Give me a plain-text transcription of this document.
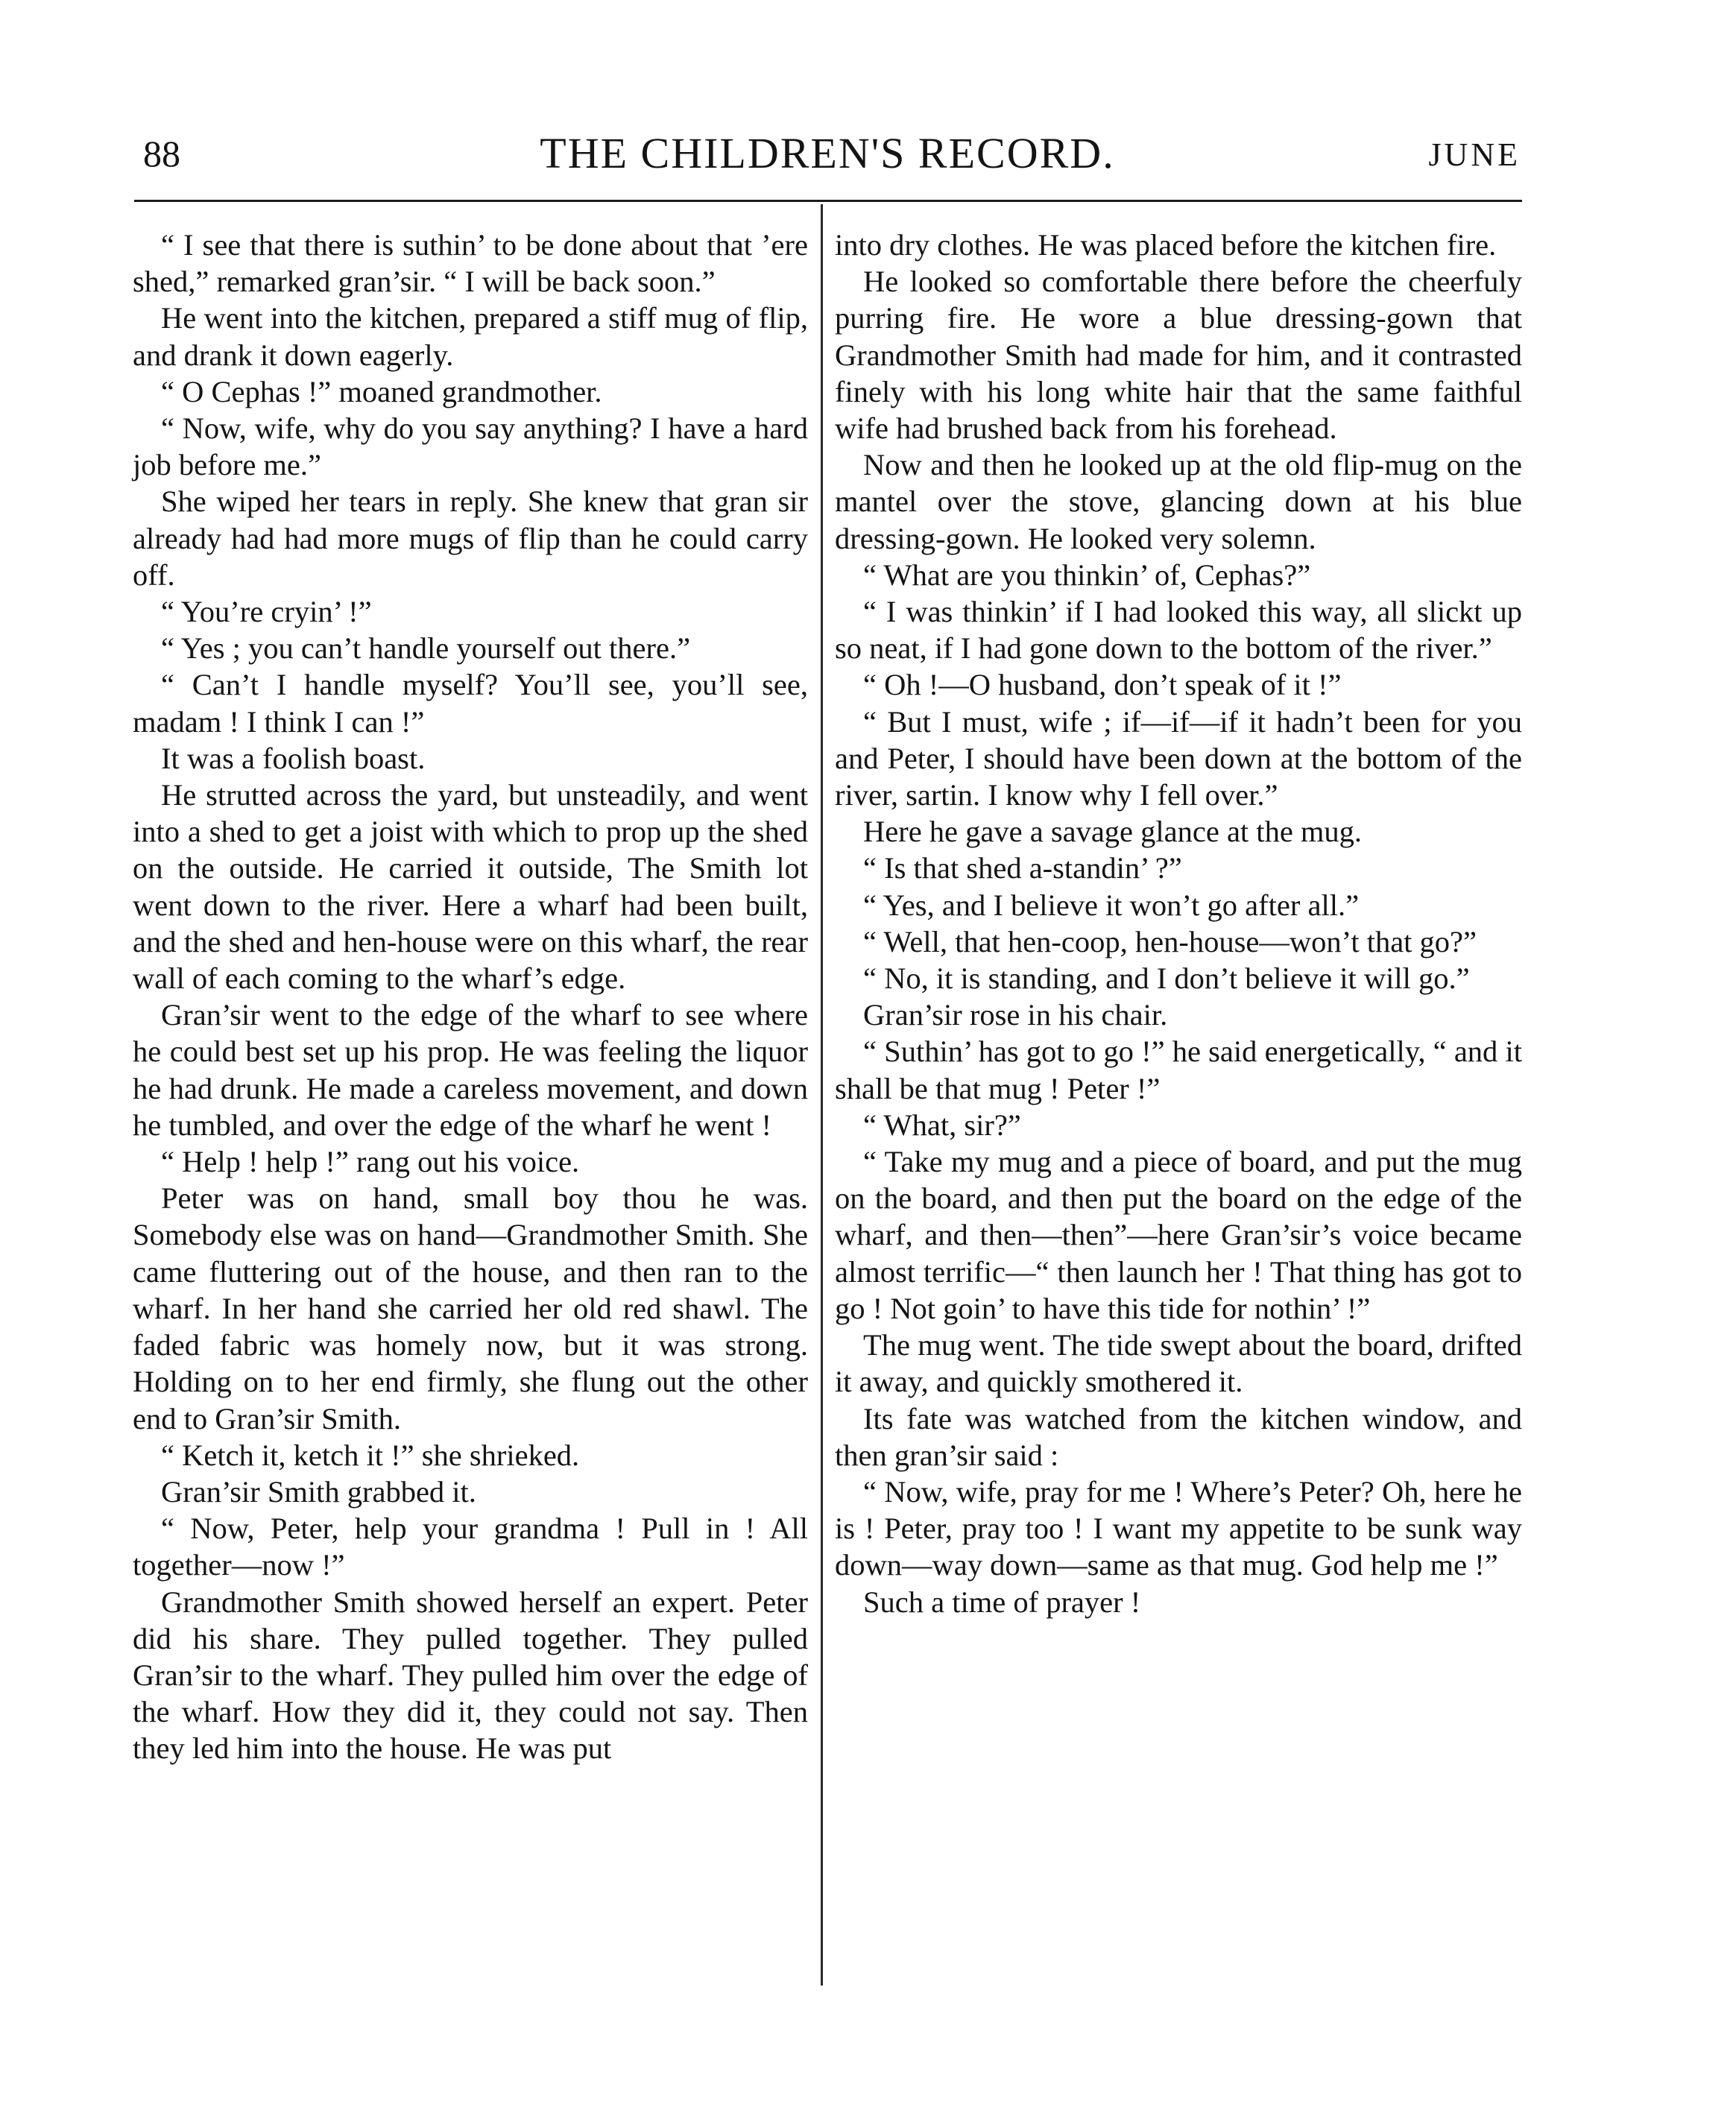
88	THE CHILDREN'S RECORD.	JUNE

“ I see that there is suthin’ to be done about that ’ere shed,” remarked gran’sir. “ I will be back soon.”

He went into the kitchen, prepared a stiff mug of flip, and drank it down eagerly.

“ O Cephas !” moaned grandmother.

“ Now, wife, why do you say anything? I have a hard job before me.”

She wiped her tears in reply. She knew that gran sir already had had more mugs of flip than he could carry off.

“ You’re cryin’ !”

“ Yes ; you can’t handle yourself out there.”

“ Can’t I handle myself? You’ll see, you’ll see, madam ! I think I can !”

It was a foolish boast.

He strutted across the yard, but unsteadily, and went into a shed to get a joist with which to prop up the shed on the outside. He carried it outside, The Smith lot went down to the river. Here a wharf had been built, and the shed and hen-house were on this wharf, the rear wall of each coming to the wharf’s edge.

Gran’sir went to the edge of the wharf to see where he could best set up his prop. He was feeling the liquor he had drunk. He made a careless movement, and down he tumbled, and over the edge of the wharf he went !

“ Help ! help !” rang out his voice.

Peter was on hand, small boy thou he was. Somebody else was on hand—Grandmother Smith. She came fluttering out of the house, and then ran to the wharf. In her hand she carried her old red shawl. The faded fabric was homely now, but it was strong. Holding on to her end firmly, she flung out the other end to Gran’sir Smith.

“ Ketch it, ketch it !” she shrieked.

Gran’sir Smith grabbed it.

“ Now, Peter, help your grandma ! Pull in ! All together—now !”

Grandmother Smith showed herself an expert. Peter did his share. They pulled together. They pulled Gran’sir to the wharf. They pulled him over the edge of the wharf. How they did it, they could not say. Then they led him into the house. He was put

into dry clothes. He was placed before the kitchen fire.

He looked so comfortable there before the cheerfuly purring fire. He wore a blue dressing-gown that Grandmother Smith had made for him, and it contrasted finely with his long white hair that the same faithful wife had brushed back from his forehead.

Now and then he looked up at the old flip-mug on the mantel over the stove, glancing down at his blue dressing-gown. He looked very solemn.

“ What are you thinkin’ of, Cephas?”

“ I was thinkin’ if I had looked this way, all slickt up so neat, if I had gone down to the bottom of the river.”

“ Oh !—O husband, don’t speak of it !”

“ But I must, wife ; if—if—if it hadn’t been for you and Peter, I should have been down at the bottom of the river, sartin. I know why I fell over.”

Here he gave a savage glance at the mug.

“ Is that shed a-standin’ ?”

“ Yes, and I believe it won’t go after all.”

“ Well, that hen-coop, hen-house—won’t that go?”

“ No, it is standing, and I don’t believe it will go.”

Gran’sir rose in his chair.

“ Suthin’ has got to go !” he said energetically, “ and it shall be that mug ! Peter !”

“ What, sir?”

“ Take my mug and a piece of board, and put the mug on the board, and then put the board on the edge of the wharf, and then—then”—here Gran’sir’s voice became almost terrific—“ then launch her ! That thing has got to go ! Not goin’ to have this tide for nothin’ !”

The mug went. The tide swept about the board, drifted it away, and quickly smothered it.

Its fate was watched from the kitchen window, and then gran’sir said :

“ Now, wife, pray for me ! Where’s Peter? Oh, here he is ! Peter, pray too ! I want my appetite to be sunk way down—way down—same as that mug. God help me !”

Such a time of prayer !
